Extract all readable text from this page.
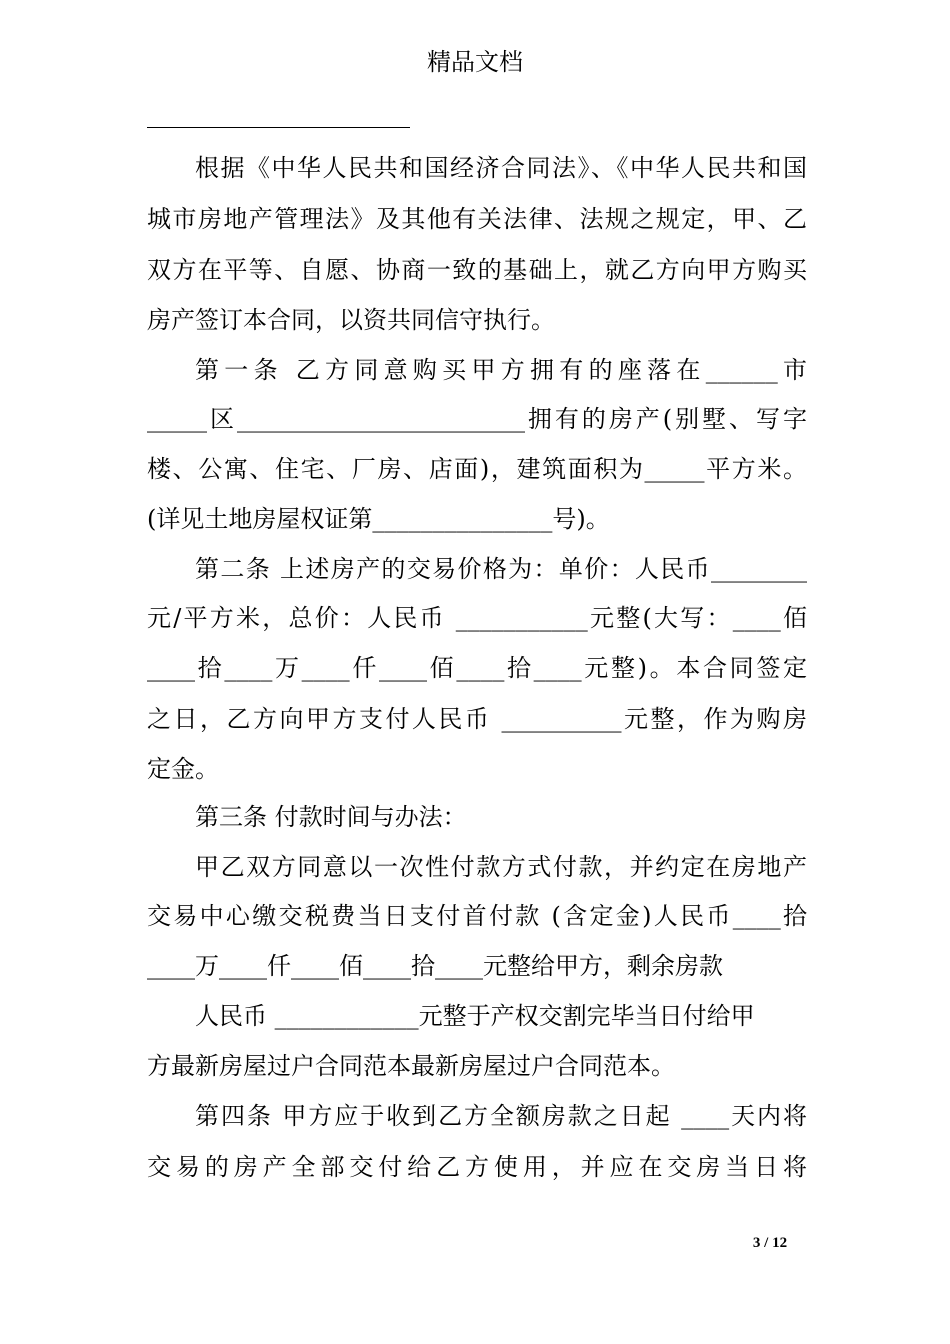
精品文档
根据《中华人民共和国经济合同法》、《中华人民共和国
城市房地产管理法》及其他有关法律、法规之规定，甲、乙
双方在平等、自愿、协商一致的基础上，就乙方向甲方购买
房产签订本合同，以资共同信守执行。
第一条 乙方同意购买甲方拥有的座落在______市
_____区________________________拥有的房产(别墅、写字
楼、公寓、住宅、厂房、店面)，建筑面积为_____平方米。
(详见土地房屋权证第_______________号)。
第二条 上述房产的交易价格为：单价：人民币________
元/平方米，总价：人民币 ___________元整(大写：____佰
____拾____万____仟____佰____拾____元整)。本合同签定
之日，乙方向甲方支付人民币 __________元整，作为购房
定金。
第三条 付款时间与办法：
甲乙双方同意以一次性付款方式付款，并约定在房地产
交易中心缴交税费当日支付首付款 (含定金)人民币____拾
____万____仟____佰____拾____元整给甲方，剩余房款
人民币 ____________元整于产权交割完毕当日付给甲
方最新房屋过户合同范本最新房屋过户合同范本。
第四条 甲方应于收到乙方全额房款之日起 ____天内将
交易的房产全部交付给乙方使用，并应在交房当日将
3 / 12
